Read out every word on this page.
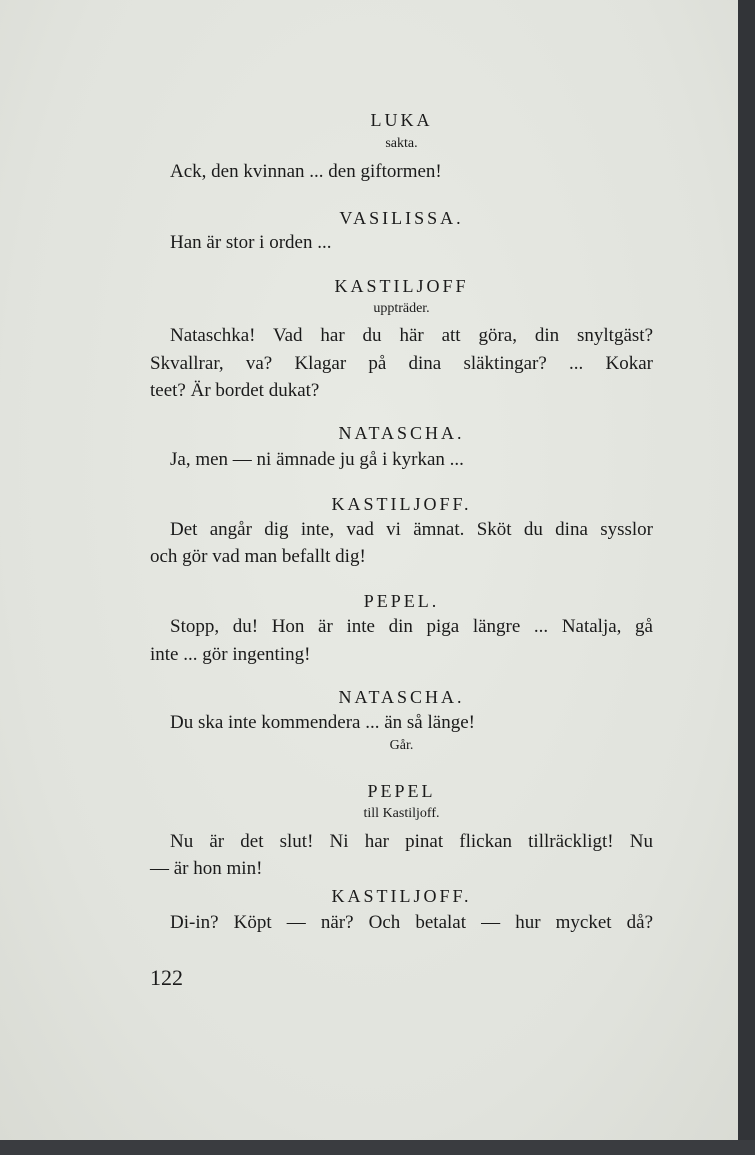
LUKA
sakta.
Ack, den kvinnan ... den giftormen!
VASILISSA.
Han är stor i orden ...
KASTILJOFF
uppträder.
Nataschka! Vad har du här att göra, din snyltgäst?
Skvallrar, va? Klagar på dina släktingar? ... Kokar
teet? Är bordet dukat?
NATASCHA.
Ja, men — ni ämnade ju gå i kyrkan ...
KASTILJOFF.
Det angår dig inte, vad vi ämnat. Sköt du dina sysslor
och gör vad man befallt dig!
PEPEL.
Stopp, du! Hon är inte din piga längre ... Natalja, gå
inte ... gör ingenting!
NATASCHA.
Du ska inte kommendera ... än så länge!
Går.
PEPEL
till Kastiljoff.
Nu är det slut! Ni har pinat flickan tillräckligt! Nu
— är hon min!
KASTILJOFF.
Di-in? Köpt — när? Och betalat — hur mycket då?
122
